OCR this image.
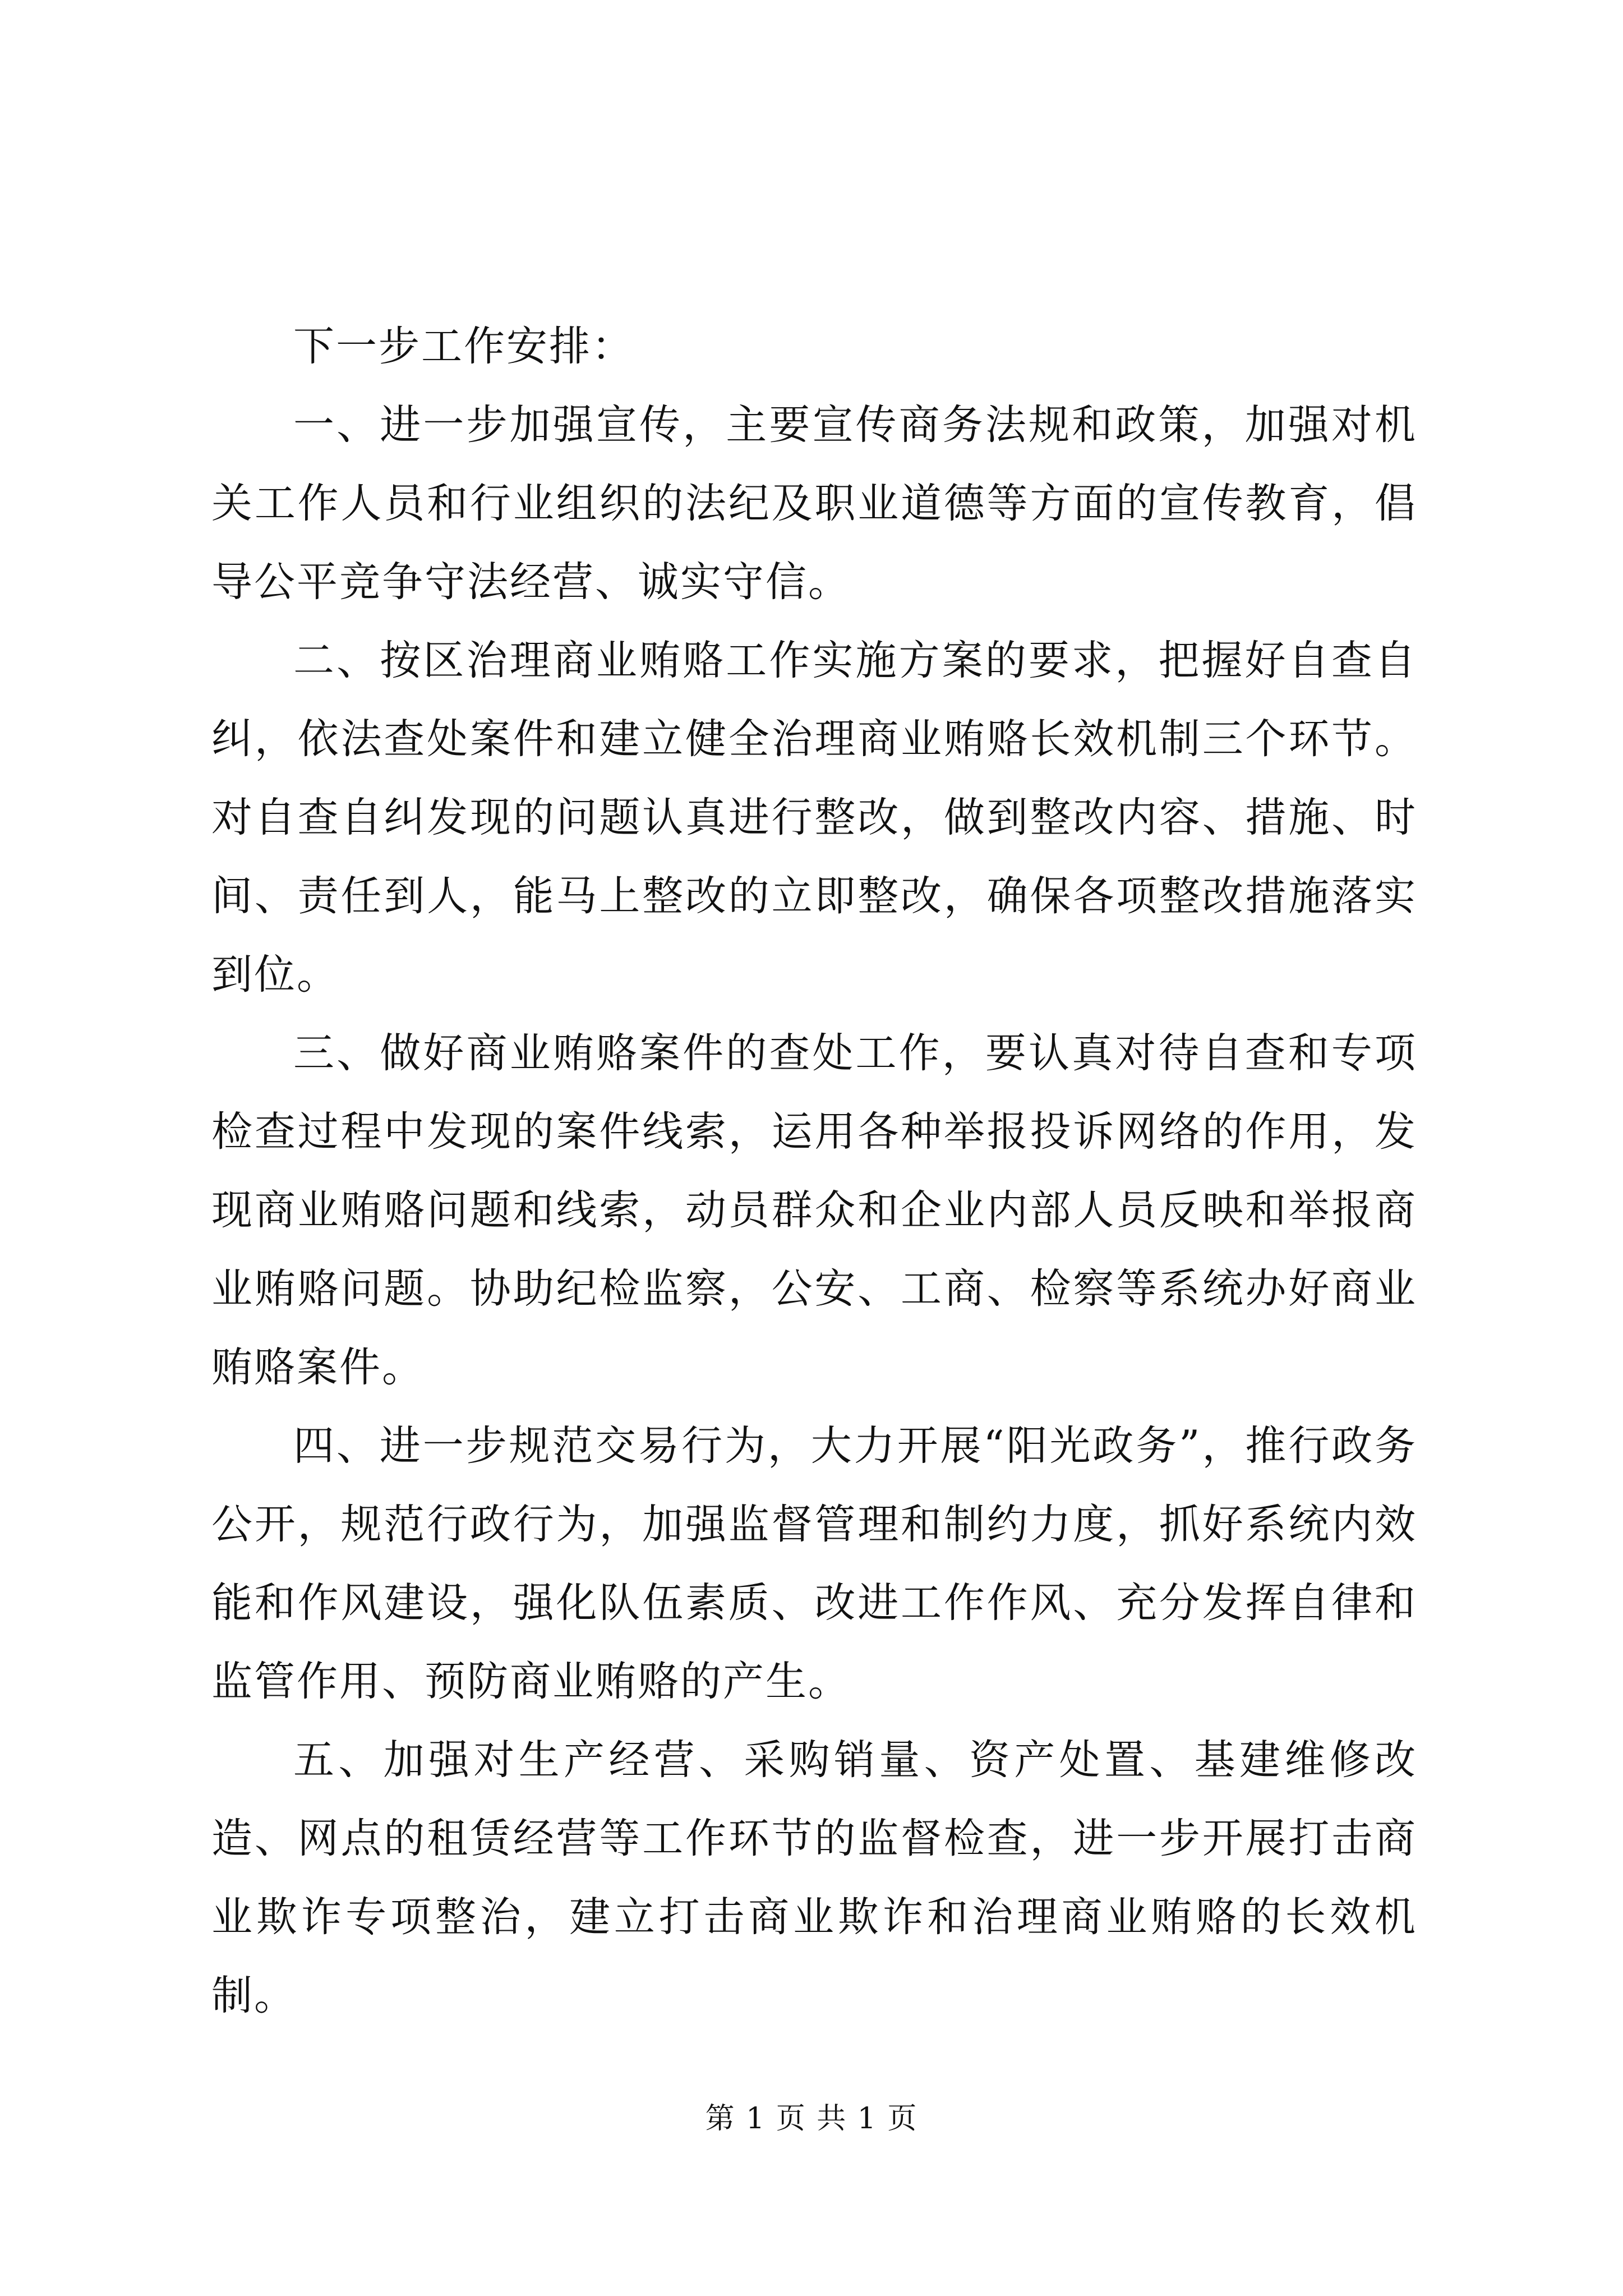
下一步工作安排：

一、进一步加强宣传，主要宣传商务法规和政策，加强对机关工作人员和行业组织的法纪及职业道德等方面的宣传教育，倡导公平竞争守法经营、诚实守信。

二、按区治理商业贿赂工作实施方案的要求，把握好自查自纠，依法查处案件和建立健全治理商业贿赂长效机制三个环节。对自查自纠发现的问题认真进行整改，做到整改内容、措施、时间、责任到人，能马上整改的立即整改，确保各项整改措施落实到位。

三、做好商业贿赂案件的查处工作，要认真对待自查和专项检查过程中发现的案件线索，运用各种举报投诉网络的作用，发现商业贿赂问题和线索，动员群众和企业内部人员反映和举报商业贿赂问题。协助纪检监察，公安、工商、检察等系统办好商业贿赂案件。

四、进一步规范交易行为，大力开展“阳光政务”，推行政务公开，规范行政行为，加强监督管理和制约力度，抓好系统内效能和作风建设，强化队伍素质、改进工作作风、充分发挥自律和监管作用、预防商业贿赂的产生。

五、加强对生产经营、采购销量、资产处置、基建维修改造、网点的租赁经营等工作环节的监督检查，进一步开展打击商业欺诈专项整治，建立打击商业欺诈和治理商业贿赂的长效机制。

第 1 页 共 1 页
